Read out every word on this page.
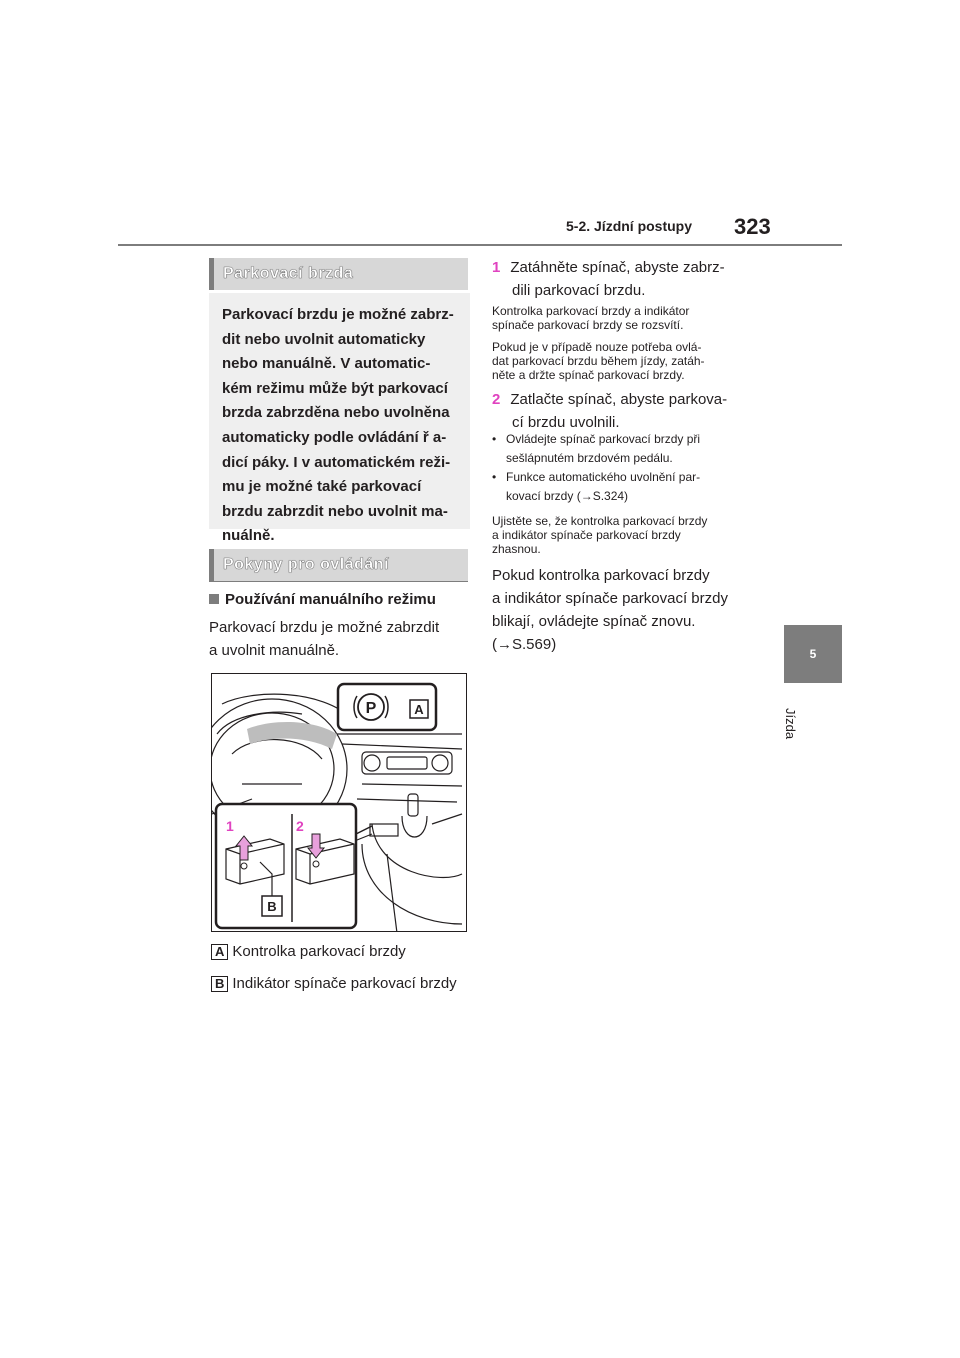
5-2. Jízdní postupy 323
5
Jízda
Parkovací brzda
Parkovací brzdu je možné zabrz-
dit nebo uvolnit automaticky
nebo manuálně. V automatic-
kém režimu může být parkovací
brzda zabrzděna nebo uvolněna
automaticky podle ovládání ř a-
dicí páky. I v automatickém reži-
mu je možné také parkovací
brzdu zabrzdit nebo uvolnit ma-
nuálně.
Pokyny pro ovládání
Používání manuálního režimu
Parkovací brzdu je možné zabrzdit
a uvolnit manuálně.
P	A
1	2
B
A Kontrolka parkovací brzdy
B Indikátor spínače parkovací brzdy
1 Zatáhněte spínač, abyste zabrz-
dili parkovací brzdu.
Kontrolka parkovací brzdy a indikátor
spínače parkovací brzdy se rozsvítí.
Pokud je v případě nouze potřeba ovlá-
dat parkovací brzdu během jízdy, zatáh-
něte a držte spínač parkovací brzdy.
2 Zatlačte spínač, abyste parkova-
cí brzdu uvolnili.
• Ovládejte spínač parkovací brzdy při
sešlápnutém brzdovém pedálu.
• Funkce automatického uvolnění par-
kovací brzdy (→S.324)
Ujistěte se, že kontrolka parkovací brzdy
a indikátor spínače parkovací brzdy
zhasnou.
Pokud kontrolka parkovací brzdy
a indikátor spínače parkovací brzdy
blikají, ovládejte spínač znovu.
(→S.569)
